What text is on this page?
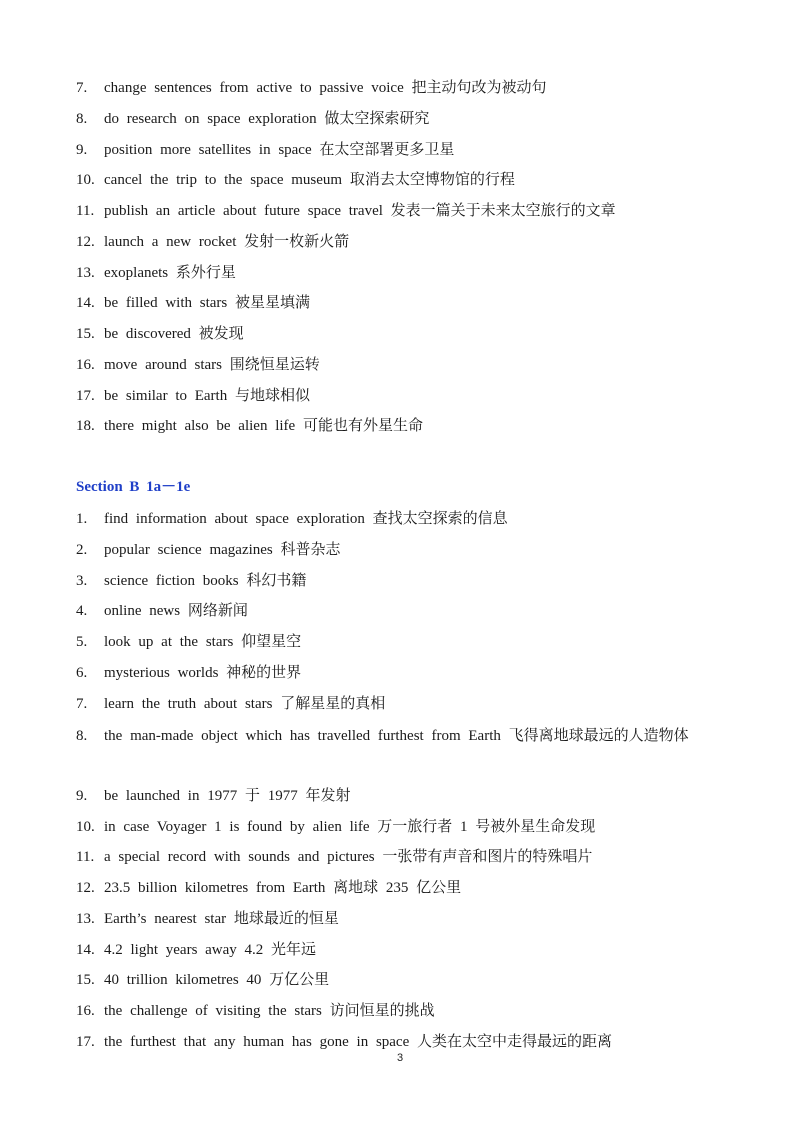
7. change sentences from active to passive voice 把主动句改为被动句
8. do research on space exploration 做太空探索研究
9. position more satellites in space 在太空部署更多卫星
10. cancel the trip to the space museum 取消去太空博物馆的行程
11. publish an article about future space travel 发表一篇关于未来太空旅行的文章
12. launch a new rocket 发射一枚新火箭
13. exoplanets 系外行星
14. be filled with stars 被星星填满
15. be discovered 被发现
16. move around stars 围绕恒星运转
17. be similar to Earth 与地球相似
18. there might also be alien life 可能也有外星生命
Section B 1a－1e
1. find information about space exploration 查找太空探索的信息
2. popular science magazines 科普杂志
3. science fiction books 科幻书籍
4. online news 网络新闻
5. look up at the stars 仰望星空
6. mysterious worlds 神秘的世界
7. learn the truth about stars 了解星星的真相
8. the man-made object which has travelled furthest from Earth 飞得离地球最远的人造物体
9. be launched in 1977 于 1977 年发射
10. in case Voyager 1 is found by alien life 万一旅行者 1 号被外星生命发现
11. a special record with sounds and pictures 一张带有声音和图片的特殊唱片
12. 23.5 billion kilometres from Earth 离地球 235 亿公里
13. Earth’s nearest star 地球最近的恒星
14. 4.2 light years away 4.2 光年远
15. 40 trillion kilometres 40 万亿公里
16. the challenge of visiting the stars 访问恒星的挑战
17. the furthest that any human has gone in space 人类在太空中走得最远的距离
3
